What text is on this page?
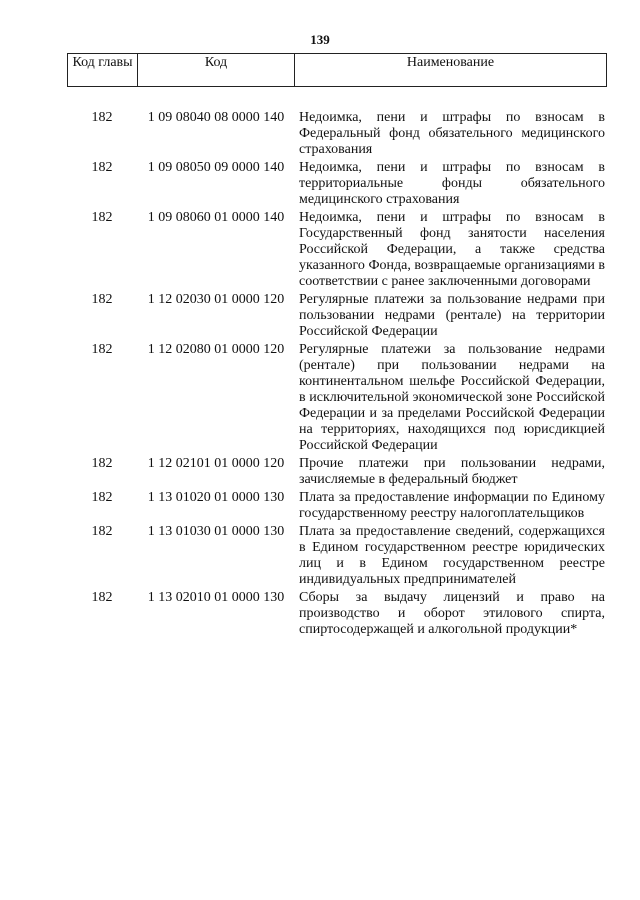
139
Код главы	Код	Наименование
182	1 09 08040 08 0000 140	Недоимка, пени и штрафы по взносам в Федеральный фонд обязательного медицинского страхования
182	1 09 08050 09 0000 140	Недоимка, пени и штрафы по взносам в территориальные фонды обязательного медицинского страхования
182	1 09 08060 01 0000 140	Недоимка, пени и штрафы по взносам в Государственный фонд занятости населения Российской Федерации, а также средства указанного Фонда, возвращаемые организациями в соответствии с ранее заключенными договорами
182	1 12 02030 01 0000 120	Регулярные платежи за пользование недрами при пользовании недрами (рентале) на территории Российской Федерации
182	1 12 02080 01 0000 120	Регулярные платежи за пользование недрами (рентале) при пользовании недрами на континентальном шельфе Российской Федерации, в исключительной экономической зоне Российской Федерации и за пределами Российской Федерации на территориях, находящихся под юрисдикцией Российской Федерации
182	1 12 02101 01 0000 120	Прочие платежи при пользовании недрами, зачисляемые в федеральный бюджет
182	1 13 01020 01 0000 130	Плата за предоставление информации по Единому государственному реестру налогоплательщиков
182	1 13 01030 01 0000 130	Плата за предоставление сведений, содержащихся в Едином государственном реестре юридических лиц и в Едином государственном реестре индивидуальных предпринимателей
182	1 13 02010 01 0000 130	Сборы за выдачу лицензий и право на производство и оборот этилового спирта, спиртосодержащей и алкогольной продукции*
